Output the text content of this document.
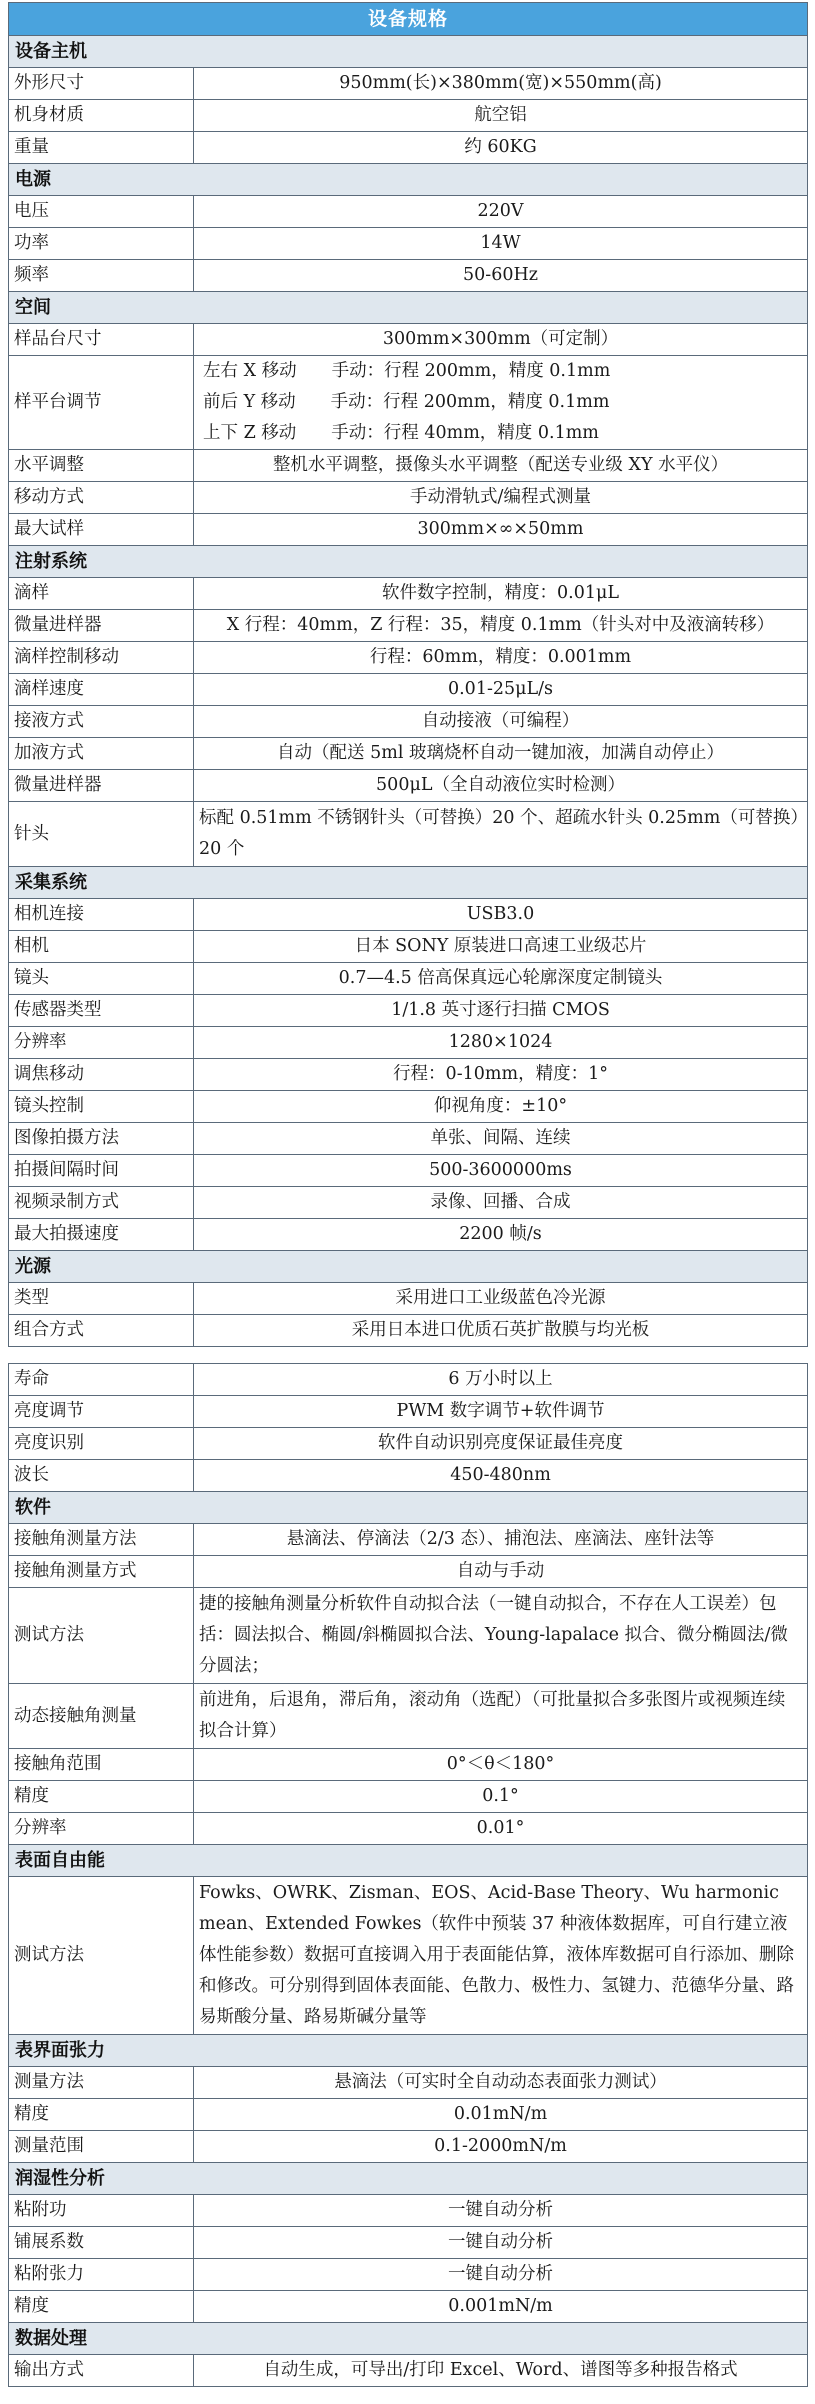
设备规格	
设备主机	
外形尺寸	950mm(长)×380mm(宽)×550mm(高)
机身材质	航空铝
重量	约 60KG
电源	
电压	220V
功率	14W
频率	50-60Hz
空间	
样品台尺寸	300mm×300mm（可定制）
样平台调节	左右 X 移动　　手动：行程 200mm，精度 0.1mm
前后 Y 移动　　手动：行程 200mm，精度 0.1mm
上下 Z 移动　　手动：行程 40mm，精度 0.1mm

水平调整	整机水平调整，摄像头水平调整（配送专业级 XY 水平仪）
移动方式	手动滑轨式/编程式测量
最大试样	300mm×∞×50mm
注射系统	
滴样	软件数字控制，精度：0.01μL
微量进样器	X 行程：40mm，Z 行程：35，精度 0.1mm（针头对中及液滴转移）
滴样控制移动	行程：60mm，精度：0.001mm
滴样速度	0.01-25μL/s
接液方式	自动接液（可编程）
加液方式	自动（配送 5ml 玻璃烧杯自动一键加液，加满自动停止）
微量进样器	500μL（全自动液位实时检测）
针头	标配 0.51mm 不锈钢针头（可替换）20 个、超疏水针头 0.25mm（可替换）20 个
采集系统	
相机连接	USB3.0
相机	日本 SONY 原装进口高速工业级芯片
镜头	0.7—4.5 倍高保真远心轮廓深度定制镜头
传感器类型	1/1.8 英寸逐行扫描 CMOS
分辨率	1280×1024
调焦移动	行程：0-10mm，精度：1°
镜头控制	仰视角度：±10°
图像拍摄方法	单张、间隔、连续
拍摄间隔时间	500-3600000ms
视频录制方式	录像、回播、合成
最大拍摄速度	2200 帧/s
光源	
类型	采用进口工业级蓝色冷光源
组合方式	采用日本进口优质石英扩散膜与均光板
寿命	6 万小时以上
亮度调节	PWM 数字调节+软件调节
亮度识别	软件自动识别亮度保证最佳亮度
波长	450-480nm
软件	
接触角测量方法	悬滴法、停滴法（2/3 态）、捕泡法、座滴法、座针法等
接触角测量方式	自动与手动
测试方法	捷的接触角测量分析软件自动拟合法（一键自动拟合，不存在人工误差）包括：圆法拟合、椭圆/斜椭圆拟合法、Young-lapalace 拟合、微分椭圆法/微分圆法；
动态接触角测量	前进角，后退角，滞后角，滚动角（选配）（可批量拟合多张图片或视频连续拟合计算）
接触角范围	0°＜θ＜180°
精度	0.1°
分辨率	0.01°
表面自由能	
测试方法	Fowks、OWRK、Zisman、EOS、Acid-Base Theory、Wu harmonic mean、Extended Fowkes（软件中预装 37 种液体数据库，可自行建立液体性能参数）数据可直接调入用于表面能估算，液体库数据可自行添加、删除和修改。可分别得到固体表面能、色散力、极性力、氢键力、范德华分量、路易斯酸分量、路易斯碱分量等
表界面张力	
测量方法	悬滴法（可实时全自动动态表面张力测试）
精度	0.01mN/m
测量范围	0.1-2000mN/m
润湿性分析	
粘附功	一键自动分析
铺展系数	一键自动分析
粘附张力	一键自动分析
精度	0.001mN/m
数据处理	
输出方式	自动生成，可导出/打印 Excel、Word、谱图等多种报告格式
